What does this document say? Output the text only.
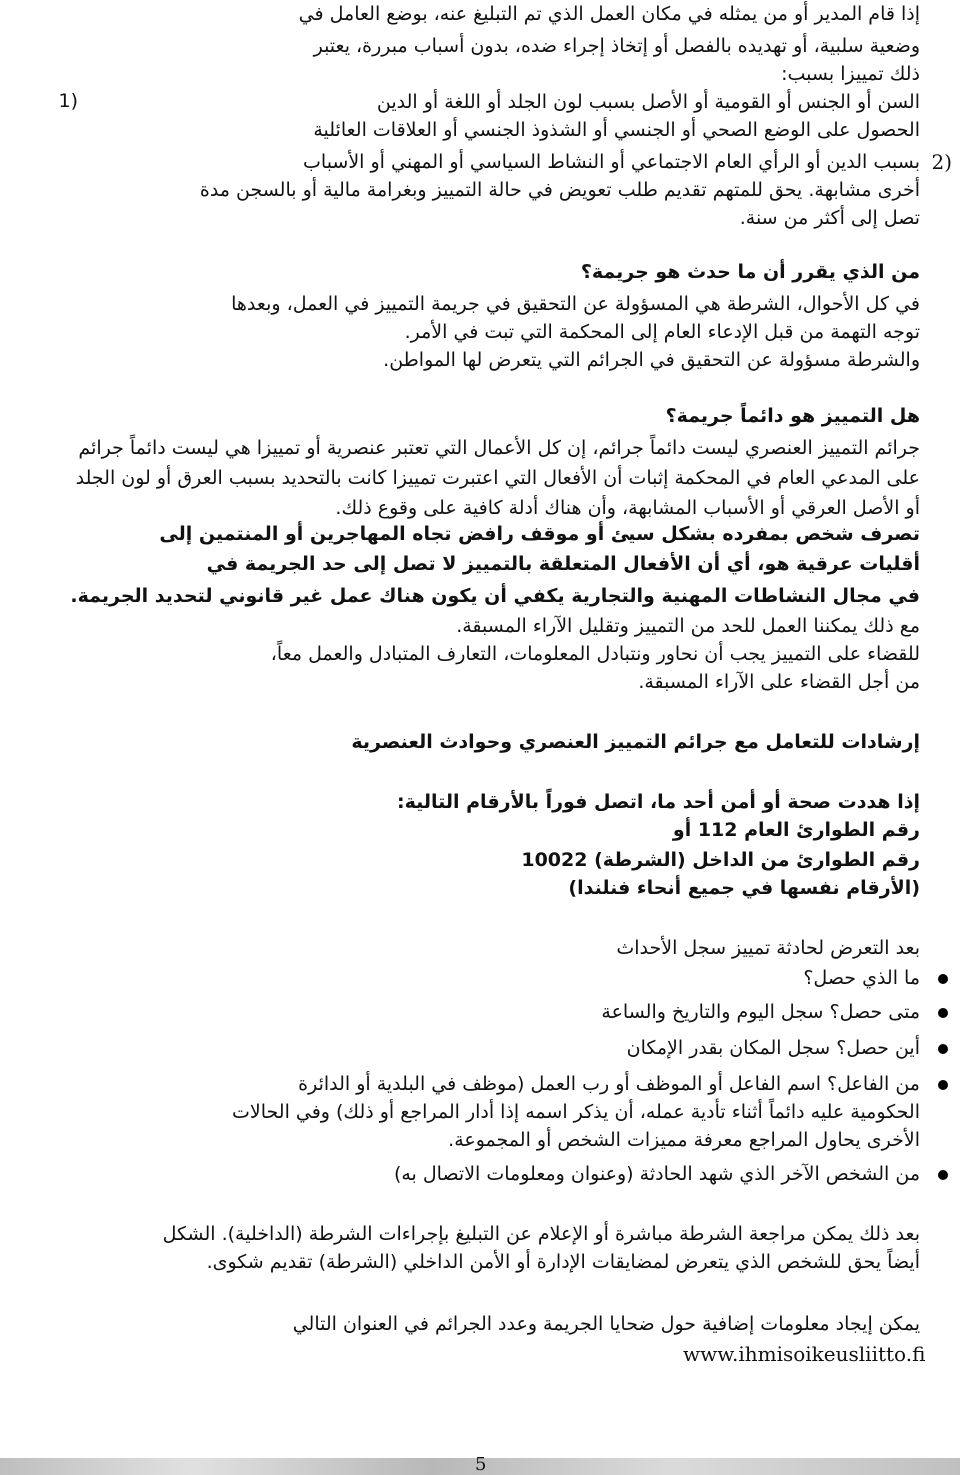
إذا قام المدير أو من يمثله في مكان العمل الذي تم التبليغ عنه، بوضع العامل في
وضعية سلبية، أو تهديده بالفصل أو إتخاذ إجراء ضده، بدون أسباب مبررة، يعتبر
ذلك تمييزا بسبب:
1)	السن أو الجنس أو القومية أو الأصل بسبب لون الجلد أو اللغة أو الدين
الحصول على الوضع الصحي أو الجنسي أو الشذوذ الجنسي أو العلاقات العائلية
2)
بسبب الدين أو الرأي العام الاجتماعي أو النشاط السياسي أو المهني أو الأسباب
أخرى مشابهة. يحق للمتهم تقديم طلب تعويض في حالة التمييز وبغرامة مالية أو بالسجن مدة
تصل إلى أكثر من سنة.
من الذي يقرر أن ما حدث هو جريمة؟
في كل الأحوال، الشرطة هي المسؤولة عن التحقيق في جريمة التمييز في العمل، وبعدها
توجه التهمة من قبل الإدعاء العام إلى المحكمة التي تبت في الأمر.
والشرطة مسؤولة عن التحقيق في الجرائم التي يتعرض لها المواطن.
هل التمييز هو دائماً جريمة؟
جرائم التمييز العنصري ليست دائماً جرائم، إن كل الأعمال التي تعتبر عنصرية أو تمييزا هي ليست دائماً جرائم
على المدعي العام في المحكمة إثبات أن الأفعال التي اعتبرت تمييزا كانت بالتحديد بسبب العرق أو لون الجلد
أو الأصل العرقي أو الأسباب المشابهة، وأن هناك أدلة كافية على وقوع ذلك.
تصرف شخص بمفرده بشكل سيئ أو موقف رافض تجاه المهاجرين أو المنتمين إلى
أقليات عرقية هو، أي أن الأفعال المتعلقة بالتمييز لا تصل إلى حد الجريمة في
في مجال النشاطات المهنية والتجارية يكفي أن يكون هناك عمل غير قانوني لتحديد الجريمة.
مع ذلك يمكننا العمل للحد من التمييز وتقليل الآراء المسبقة.
للقضاء على التمييز يجب أن نحاور ونتبادل المعلومات، التعارف المتبادل والعمل معاً،
من أجل القضاء على الآراء المسبقة.
إرشادات للتعامل مع جرائم التمييز العنصري وحوادث العنصرية
إذا هددت صحة أو أمن أحد ما، اتصل فوراً بالأرقام التالية:
رقم الطوارئ العام 112 أو
رقم الطوارئ من الداخل (الشرطة) 10022
(الأرقام نفسها في جميع أنحاء فنلندا)
بعد التعرض لحادثة تمييز سجل الأحداث
ما الذي حصل؟
متى حصل؟ سجل اليوم والتاريخ والساعة
أين حصل؟ سجل المكان بقدر الإمكان
من الفاعل؟ اسم الفاعل أو الموظف أو رب العمل (موظف في البلدية أو الدائرة
الحكومية عليه دائماً أثناء تأدية عمله، أن يذكر اسمه إذا أدار المراجع أو ذلك) وفي الحالات
الأخرى يحاول المراجع معرفة مميزات الشخص أو المجموعة.
من الشخص الآخر الذي شهد الحادثة (وعنوان ومعلومات الاتصال به)
بعد ذلك يمكن مراجعة الشرطة مباشرة أو الإعلام عن التبليغ بإجراءات الشرطة (الداخلية). الشكل
أيضاً يحق للشخص الذي يتعرض لمضايقات الإدارة أو الأمن الداخلي (الشرطة) تقديم شكوى.
يمكن إيجاد معلومات إضافية حول ضحايا الجريمة وعدد الجرائم في العنوان التالي
www.ihmisoikeusliitto.fi
5
